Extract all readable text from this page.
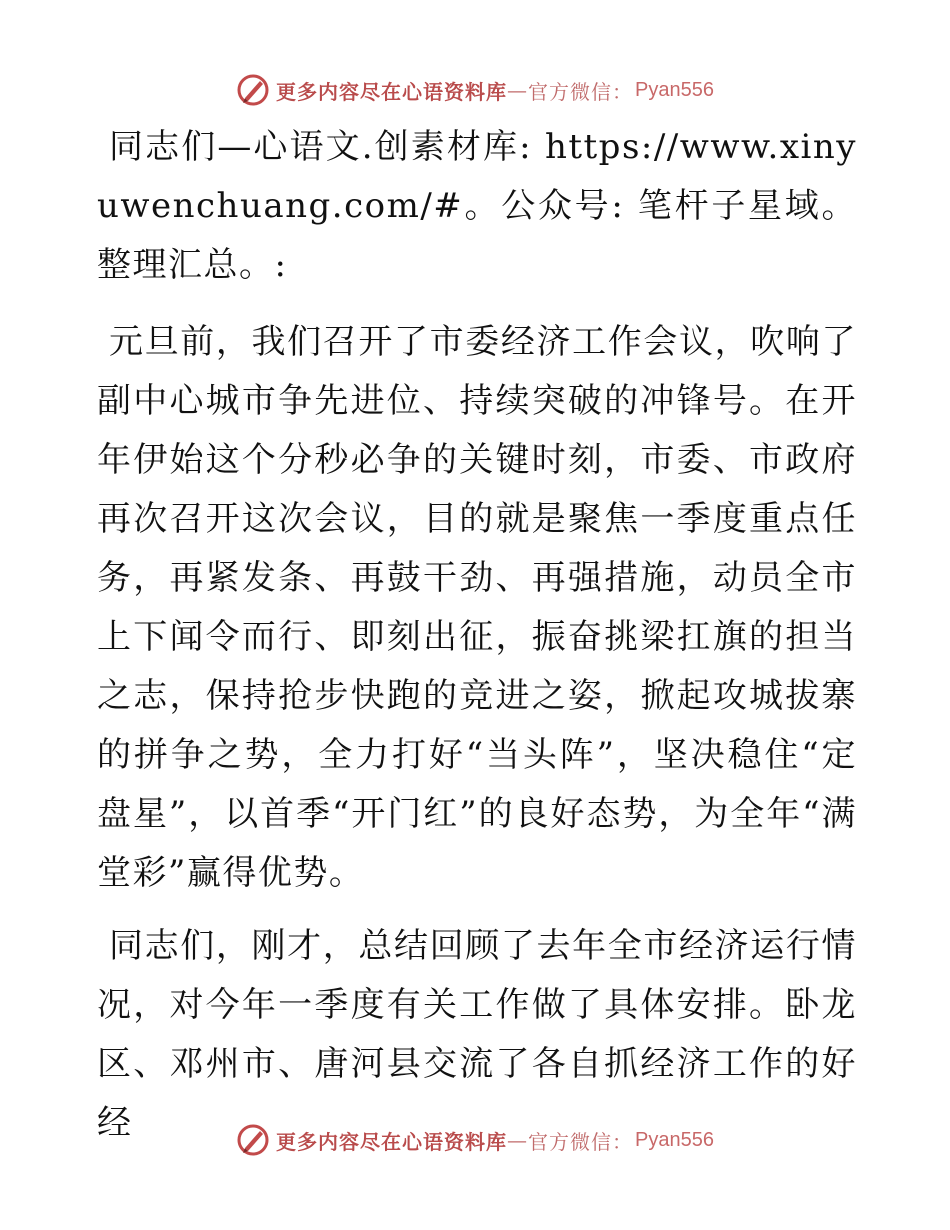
更多内容尽在心语资料库 — 官方微信： Pyan556

同志们—心语文.创素材库: https://www.xinyuwenchuang.com/#。公众号: 笔杆子星域。整理汇总。:

元旦前，我们召开了市委经济工作会议，吹响了副中心城市争先进位、持续突破的冲锋号。在开年伊始这个分秒必争的关键时刻，市委、市政府再次召开这次会议，目的就是聚焦一季度重点任务，再紧发条、再鼓干劲、再强措施，动员全市上下闻令而行、即刻出征，振奋挑梁扛旗的担当之志，保持抢步快跑的竞进之姿，掀起攻城拔寨的拼争之势，全力打好“当头阵”，坚决稳住“定盘星”，以首季“开门红”的良好态势，为全年“满堂彩”赢得优势。

同志们，刚才，总结回顾了去年全市经济运行情况，对今年一季度有关工作做了具体安排。卧龙区、邓州市、唐河县交流了各自抓经济工作的好经	更多内容尽在心语资料库 — 官方微信： Pyan556
